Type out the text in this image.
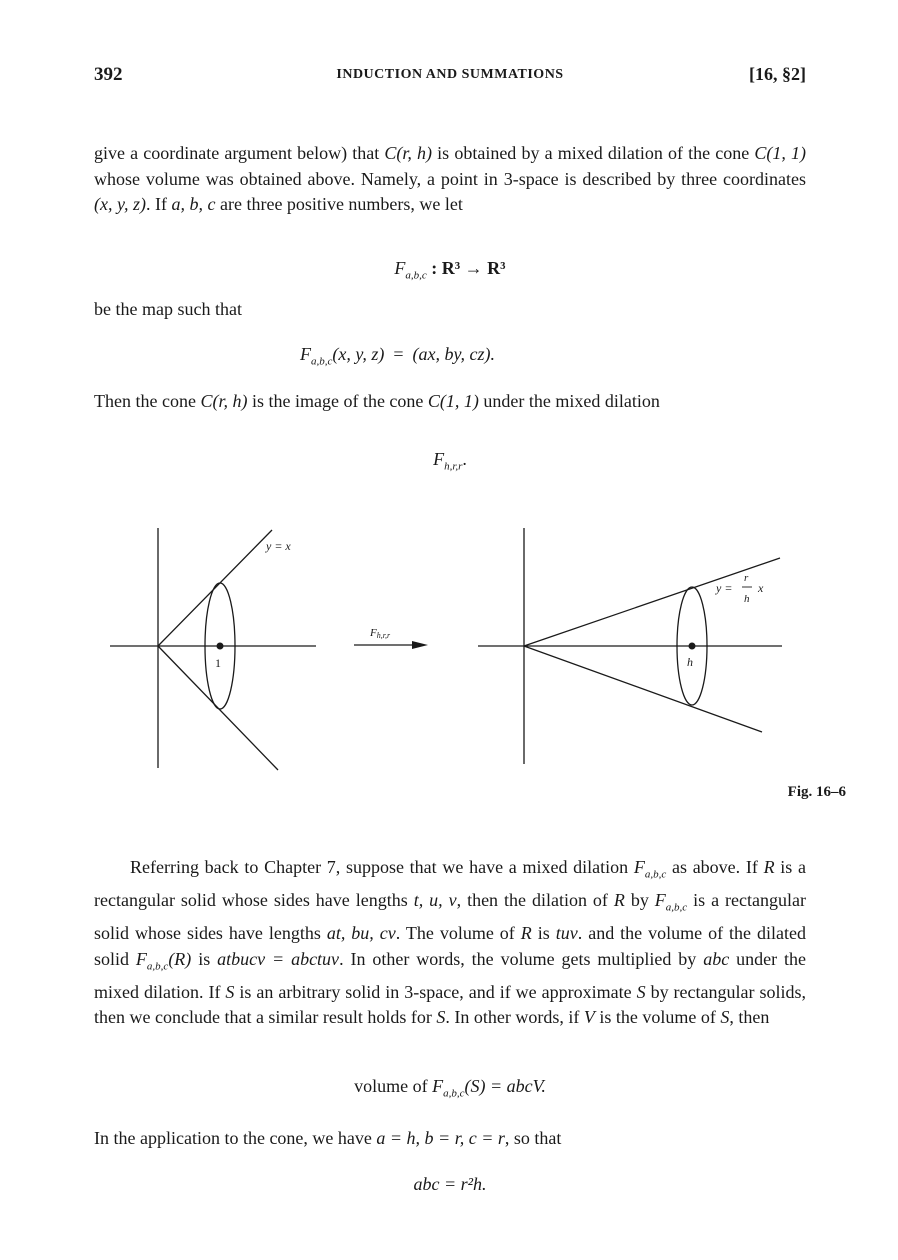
392	INDUCTION AND SUMMATIONS	[16, §2]

give a coordinate argument below) that C(r, h) is obtained by a mixed dilation of the cone C(1, 1) whose volume was obtained above. Namely, a point in 3-space is described by three coordinates (x, y, z). If a, b, c are three positive numbers, we let

$F_{a,b,c}$ : R³ → R³

be the map such that

$F_{a,b,c}(x$, y, z) = (ax, by, cz).

Then the cone C(r, h) is the image of the cone C(1, 1) under the mixed dilation

$F_{h,r,r}$.

y = x
1
Fh,r,r
y =
r
h
x
h
Fig. 16–6

Referring back to Chapter 7, suppose that we have a mixed dilation $F_{a,b,c}$ as above. If R is a rectangular solid whose sides have lengths t, u, v, then the dilation of R by $F_{a,b,c}$ is a rectangular solid whose sides have lengths at, bu, cv. The volume of R is tuv. and the volume of the dilated solid $F_{a,b,c}(R)$ is atbucv = abctuv. In other words, the volume gets multiplied by abc under the mixed dilation. If S is an arbitrary solid in 3-space, and if we approximate S by rectangular solids, then we conclude that a similar result holds for S. In other words, if V is the volume of S, then

volume of $F_{a,b,c}(S)$ = abcV.

In the application to the cone, we have a = h, b = r, c = r, so that

abc = r²h.
